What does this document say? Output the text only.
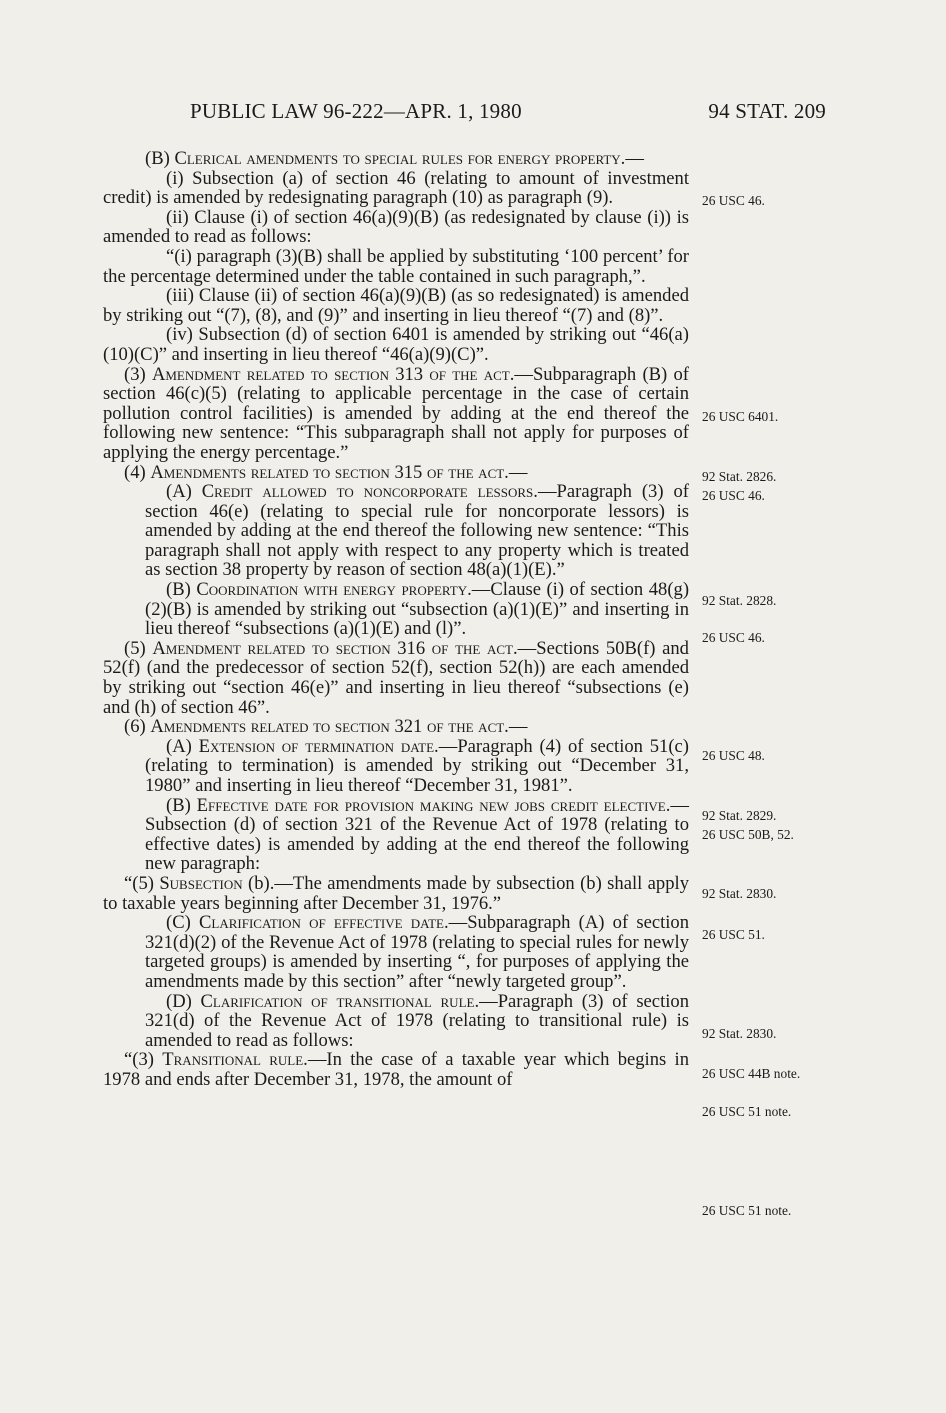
PUBLIC LAW 96-222—APR. 1, 1980	94 STAT. 209

(B) Clerical amendments to special rules for energy property.—

(i) Subsection (a) of section 46 (relating to amount of investment credit) is amended by redesignating paragraph (10) as paragraph (9).

(ii) Clause (i) of section 46(a)(9)(B) (as redesignated by clause (i)) is amended to read as follows:

“(i) paragraph (3)(B) shall be applied by substituting ‘100 percent’ for the percentage determined under the table contained in such paragraph,”.

(iii) Clause (ii) of section 46(a)(9)(B) (as so redesignated) is amended by striking out “(7), (8), and (9)” and inserting in lieu thereof “(7) and (8)”.

(iv) Subsection (d) of section 6401 is amended by striking out “46(a)(10)(C)” and inserting in lieu thereof “46(a)(9)(C)”.

(3) Amendment related to section 313 of the act.—Subparagraph (B) of section 46(c)(5) (relating to applicable percentage in the case of certain pollution control facilities) is amended by adding at the end thereof the following new sentence: “This subparagraph shall not apply for purposes of applying the energy percentage.”

(4) Amendments related to section 315 of the act.—

(A) Credit allowed to noncorporate lessors.—Paragraph (3) of section 46(e) (relating to special rule for noncorporate lessors) is amended by adding at the end thereof the following new sentence: “This paragraph shall not apply with respect to any property which is treated as section 38 property by reason of section 48(a)(1)(E).”

(B) Coordination with energy property.—Clause (i) of section 48(g)(2)(B) is amended by striking out “subsection (a)(1)(E)” and inserting in lieu thereof “subsections (a)(1)(E) and (l)”.

(5) Amendment related to section 316 of the act.—Sections 50B(f) and 52(f) (and the predecessor of section 52(f), section 52(h)) are each amended by striking out “section 46(e)” and inserting in lieu thereof “subsections (e) and (h) of section 46”.

(6) Amendments related to section 321 of the act.—

(A) Extension of termination date.—Paragraph (4) of section 51(c) (relating to termination) is amended by striking out “December 31, 1980” and inserting in lieu thereof “December 31, 1981”.

(B) Effective date for provision making new jobs credit elective.—Subsection (d) of section 321 of the Revenue Act of 1978 (relating to effective dates) is amended by adding at the end thereof the following new paragraph:

“(5) Subsection (b).—The amendments made by subsection (b) shall apply to taxable years beginning after December 31, 1976.”

(C) Clarification of effective date.—Subparagraph (A) of section 321(d)(2) of the Revenue Act of 1978 (relating to special rules for newly targeted groups) is amended by inserting “, for purposes of applying the amendments made by this section” after “newly targeted group”.

(D) Clarification of transitional rule.—Paragraph (3) of section 321(d) of the Revenue Act of 1978 (relating to transitional rule) is amended to read as follows:

“(3) Transitional rule.—In the case of a taxable year which begins in 1978 and ends after December 31, 1978, the amount of

26 USC 46.
26 USC 6401.
92 Stat. 2826.
26 USC 46.
92 Stat. 2828.
26 USC 46.
26 USC 48.
92 Stat. 2829.
26 USC 50B, 52.
92 Stat. 2830.
26 USC 51.
92 Stat. 2830.
26 USC 44B note.
26 USC 51 note.
26 USC 51 note.
